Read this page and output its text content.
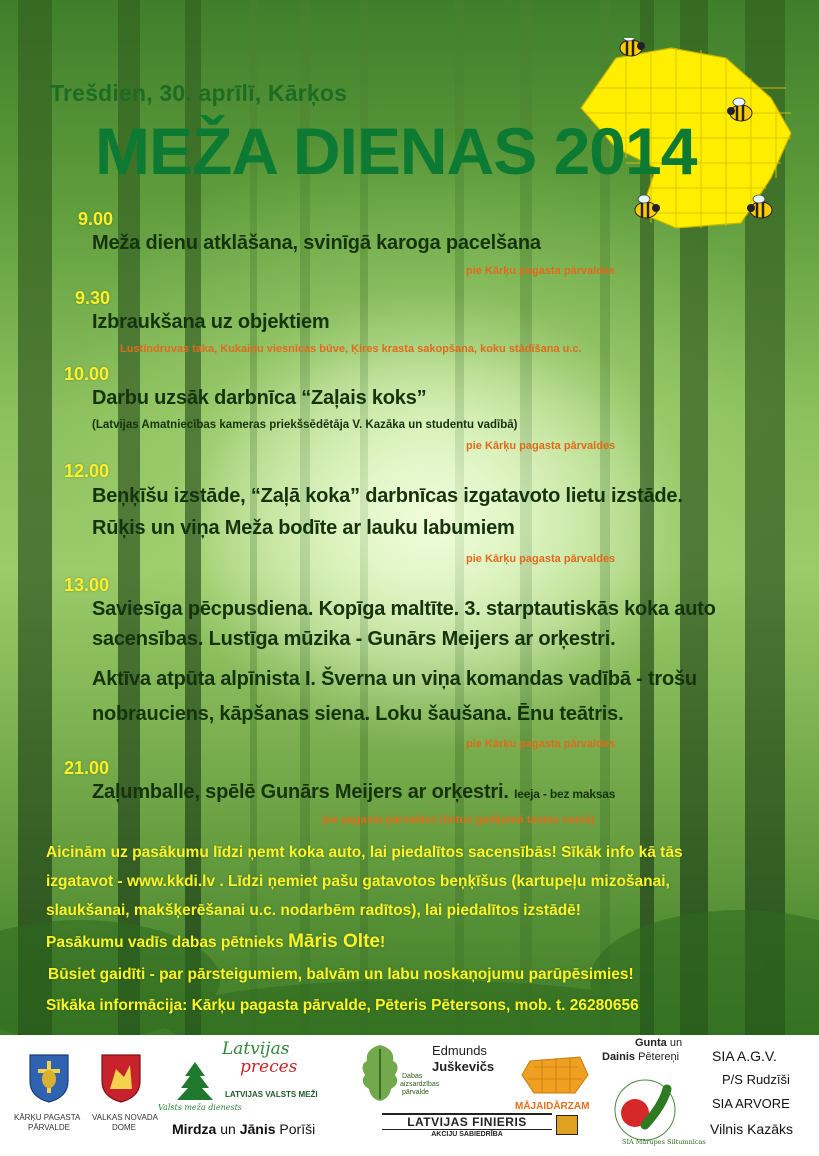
Trešdien, 30. aprīlī, Kārķos
MEŽA DIENAS 2014
9.00
Meža dienu atklāšana, svinīgā karoga pacelšana
pie Kārķu pagasta pārvaldes
9.30
Izbraukšana uz objektiem
Lustīndruvas taka, Kukaiņu viesnīcas būve, Ķires krasta sakopšana, koku stādīšana u.c.
10.00
Darbu uzsāk darbnīca “Zaļais koks”
(Latvijas Amatniecības kameras priekšsēdētāja V. Kazāka un studentu vadībā)
pie Kārķu pagasta pārvaldes
12.00
Beņķīšu izstāde, “Zaļā koka” darbnīcas izgatavoto lietu izstāde.
Rūķis un viņa Meža bodīte ar lauku labumiem
pie Kārķu pagasta pārvaldes
13.00
Saviesīga pēcpusdiena. Kopīga maltīte. 3. starptautiskās koka auto
sacensības. Lustīga mūzika - Gunārs Meijers ar orķestri.
Aktīva atpūta alpīnista I. Šverna un viņa komandas vadībā - trošu
nobrauciens, kāpšanas siena. Loku šaušana. Ēnu teātris.
pie Kārķu pagasta pārvaldes
21.00
Zaļumballe, spēlē Gunārs Meijers ar orķestri. Ieeja - bez maksas
pie pagasta pārvaldes (lietus gadījumā tautas namā)
Aicinām uz pasākumu līdzi ņemt koka auto, lai piedalītos sacensībās! Sīkāk info kā tās
izgatavot - www.kkdi.lv . Līdzi ņemiet pašu gatavotos beņķīšus (kartupeļu mizošanai,
slaukšanai, makšķerēšanai u.c. nodarbēm radītos), lai piedalītos izstādē!
Pasākumu vadīs dabas pētnieks Māris Olte!
Būsiet gaidīti - par pārsteigumiem, balvām un labu noskaņojumu parūpēsimies!
Sīkāka informācija: Kārķu pagasta pārvalde, Pēteris Pētersons, mob. t. 26280656
KĀRĶU PAGASTA
PĀRVALDE
VALKAS NOVADA
DOME
Latvijas
preces
LATVIJAS VALSTS MEŽI
Valsts meža dienests
Mirdza un Jānis Porīši
Dabas
aizsardzības
pārvalde
Edmunds
Juškevičs
MĀJAIDĀRZAM
LATVIJAS FINIERIS
AKCIJU SABIEDRĪBA
Gunta un
Dainis Pētereņi
SIA Mārupes Siltumnīcas
SIA A.G.V.
P/S Rudzīši
SIA ARVORE
Vilnis Kazāks
